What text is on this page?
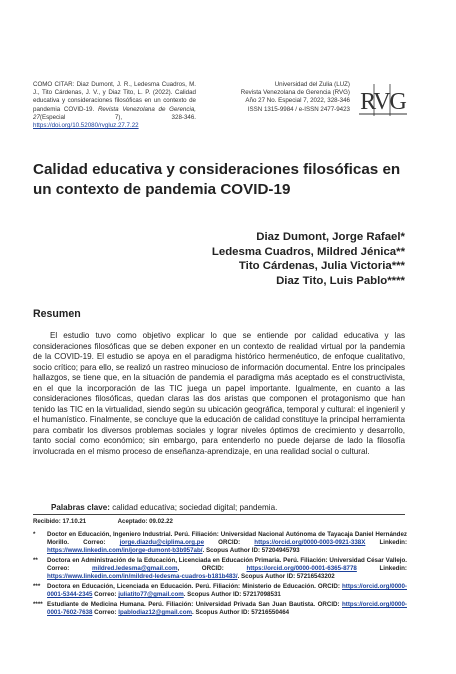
COMO CITAR: Diaz Dumont, J. R., Ledesma Cuadros, M. J., Tito Cárdenas, J. V., y Diaz Tito, L. P. (2022). Calidad educativa y consideraciones filosóficas en un contexto de pandemia COVID-19. Revista Venezolana de Gerencia, 27(Especial 7), 328-346. https://doi.org/10.52080/rvgluz.27.7.22
Universidad del Zulia (LUZ)
Revista Venezolana de Gerencia (RVG)
Año 27 No. Especial 7, 2022, 328-346
ISSN 1315-9984 / e-ISSN 2477-9423 RVG
Calidad educativa y consideraciones filosóficas en un contexto de pandemia COVID-19
Diaz Dumont, Jorge Rafael*
Ledesma Cuadros, Mildred Jénica**
Tito Cárdenas, Julia Victoria***
Diaz Tito, Luis Pablo****
Resumen

El estudio tuvo como objetivo explicar lo que se entiende por calidad educativa y las consideraciones filosóficas que se deben exponer en un contexto de realidad virtual por la pandemia de la COVID-19. El estudio se apoya en el paradigma histórico hermenéutico, de enfoque cualitativo, socio crítico; para ello, se realizó un rastreo minucioso de información documental. Entre los principales hallazgos, se tiene que, en la situación de pandemia el paradigma más aceptado es el constructivista, en el que la incorporación de las TIC juega un papel importante. Igualmente, en cuanto a las consideraciones filosóficas, quedan claras las dos aristas que componen el protagonismo que han tenido las TIC en la virtualidad, siendo según su ubicación geográfica, temporal y cultural: el ingenieril y el humanístico. Finalmente, se concluye que la educación de calidad constituye la principal herramienta para combatir los diversos problemas sociales y lograr niveles óptimos de crecimiento y desarrollo, tanto social como económico; sin embargo, para entenderlo no puede dejarse de lado la filosofía involucrada en el mismo proceso de enseñanza-aprendizaje, en una realidad social o cultural.

Palabras clave: calidad educativa; sociedad digital; pandemia.
Recibido: 17.10.21	Aceptado: 09.02.22
*	Doctor en Educación, Ingeniero Industrial. Perú. Filiación: Universidad Nacional Autónoma de Tayacaja Daniel Hernández Morillo. Correo: jorge.diazdu@ciplima.org.pe ORCID: https://orcid.org/0000-0003-0921-338X Linkedin: https://www.linkedin.com/in/jorge-dumont-b3b957ab/. Scopus Author ID: 57204945793
**	Doctora en Administración de la Educación, Licenciada en Educación Primaria. Perú. Filiación: Universidad César Vallejo. Correo: mildred.ledesma@gmail.com, ORCID: https://orcid.org/0000-0001-6365-8778 Linkedin: https://www.linkedin.com/in/mildred-ledesma-cuadros-b181b483/. Scopus Author ID: 57216543202
***	Doctora en Educación, Licenciada en Educación. Perú. Filiación: Ministerio de Educación. ORCID: https://orcid.org/0000-0001-5344-2345 Correo: juliatito77@gmail.com. Scopus Author ID: 57217098531
**** Estudiante de Medicina Humana. Perú. Filiación: Universidad Privada San Juan Bautista. ORCID: https://orcid.org/0000-0001-7602-7638 Correo: lpablodiaz12@gmail.com. Scopus Author ID: 57216550464
